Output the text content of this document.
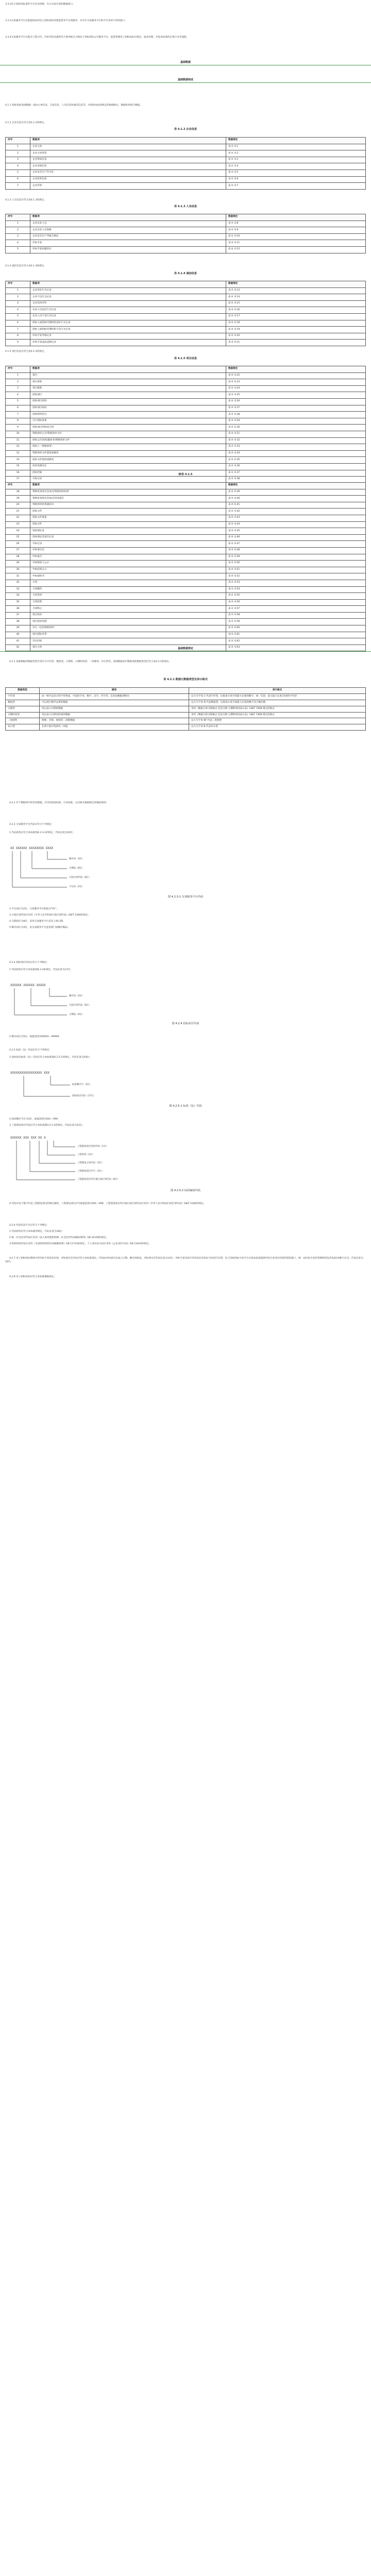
3.3.2电子招标投标条件平台首页控制，有主页面开放的数据接口。

3.3.3交易服务平台应能提供由的电子招标投标管理监督等平台的服务，并允许交易服务平台和平台采用不同的接口。

3.3.4交易服务平台应能对工程计价、评标等活动提供符合要求相关合格电子招标投标公共服务平台、监督管理电子招标投标应满足、报表处理、并按本标准约定执行业务流程。

基础数据
基础数据构成

4.1.1 招标投标基础数据一般由主体信息、交易信息、人员信息和诚信信息等，并按照本标准规定的数据格式、数据结构组合数据。

4.1.2 企业信息应符合表4.1.2的规定。

表 4.1.2 企业信息
序号	数据项	数据规定
1	企业主体	表 A. 0.1
2	企业主体类型	表 A. 0.2
3	企业资质信息	表 A. 0.3
4	企业业绩信息	表 A. 0.4
5	企业安全生产许可证	表 A. 0.5
6	企业获奖信息	表 A. 0.6
7	企业荣誉	表 A. 0.7

4.1.3 人员信息应符合表4.1.3的规定。

表 4.1.3 人员信息
序号	数据项	数据规定
1	企业从业人员	表 A. 0.8
2	企业从业人员资格	表 A. 0.9
3	企业安全生产考核合格证	表 A. 0.10
4	评标专家	表 A. 0.11
5	评标专家回避单位	表 A. 0.12

4.1.4 诚信信息应符合表4.1.4的规定。

表 4.1.4 诚信信息
序号	数据项	数据规定
1	企业良好行为记录	表 A. 0.13
2	企业不良行为记录	表 A. 0.14
3	企业信用评价	表 A. 0.15
4	从业人员良好行为记录	表 A. 0.16
5	从业人员不良行为记录	表 A. 0.17
6	招标人或招标代理机构良好行为记录	表 A. 0.18
7	招标人或招标代理机构不良行为记录	表 A. 0.19
8	评标专家考核记录	表 A. 0.20
9	评标专家违法违规记录	表 A. 0.21

4.1.5 项目信息应符合表4.1.5的规定。

表 4.1.5 项目信息
序号	数据项	数据规定
1	项目	表 A. 0.22
2	项目审批	表 A. 0.23
3	项目核准	表 A. 0.24
4	招标项目	表 A. 0.25
5	招标项目审批	表 A. 0.26
6	招标项目标段	表 A. 0.27
7	招标组织形式	表 A. 0.28
8	自行招标备案	表 A. 0.29
9	招标项目的标段合同	表 A. 0.30
10	资格预审公告/资格预审文件	表 A. 0.31
11	招标公告/投标邀请书/资格预审文件	表 A. 0.32
12	招标人（资格预审）	表 A. 0.33
13	资格预审文件澄清或修改	表 A. 0.34
14	招标文件澄清或修改	表 A. 0.35
15	投诉处理决定	表 A. 0.36
16	招标档案	表 A. 0.37
17	开标记录	表 A. 0.38
续表 4.1.5
序号	数据项	数据规定
18	资格审查委员会成员/资格预审结果	表 A. 0.39
19	资格审查委员会成员/审查报告	表 A. 0.40
20	资格预审结果通知书	表 A. 0.41
21	招标文件	表 A. 0.42
22	招标文件备案	表 A. 0.43
23	投标文件	表 A. 0.44
24	投标保证金	表 A. 0.45
25	投标保证金退还记录	表 A. 0.46
26	开标记录	表 A. 0.47
27	评标委员会	表 A. 0.48
28	评标报告	表 A. 0.49
29	中标候选人公示	表 A. 0.50
30	中标结果公示	表 A. 0.51
31	中标通知书	表 A. 0.52
32	合同	表 A. 0.53
33	合同履约	表 A. 0.54
34	合同变更	表 A. 0.55
35	合同结算	表 A. 0.56
36	合同终止	表 A. 0.57
37	项目投诉	表 A. 0.58
38	项目投诉处理	表 A. 0.59
39	异议（包括资格预审）	表 A. 0.60
40	项目招标异常	表 A. 0.61
41	异议回复	表 A. 0.62
42	项目主体	表 A. 0.63
基础数据规定

4.2.1 基础数据的数据类型应划分为字符型、数值型、日期型、日期时间型、二进制型、布尔型等。基础数据表中数据项的数据类型应符合表4.2.1的规定。

表 4.2.1 数据元数据类型及表示格式
数据类型	描述	表示格式
字符型	由一组可以显示的字符组成，可包括字母、数字、汉字、符号等，长度由数据项给出	以大写字母 C 代表字符型，后接表示该字段最大长度的数字，如：C10，表示最大长度为10的字符型
数值型	可以进行数学运算的数值	以大写字母 N 代表数值型，后接表示该字段最大长度的数字及小数位数
日期型	用以表示日期的数据	采用《数据元和交换格式 信息交换 日期和时间表示法》GB/T 7408 规定的格式
日期时间型	用以表示日期及时间的数据	采用《数据元和交换格式 信息交换 日期和时间表示法》GB/T 7408 规定的格式
二进制型	图像、音频、视频等二进制数据	以大写字母 BY 代表二进制型
布尔型	在两个值中选择其一的值	以大写字母 B 代表布尔型

4.2.2 对于数据项中的代码数据，应采用国家标准、行业标准、以及相关数据规定的编码规则。

4.2.3 交易服务平台代码应符合下列规定：

1 代码结构应符合本标准图4.2.3-1的规定，代码长度为20位；

XX XXXXXX XXXXXXXX XXXX
顺序码（4位）
日期码（8位）
行政区划代码（6位）
平台码（2位）
图 4.2.3-1 交易服务平台代码

2 平台码应为2位，交易服务平台取值为“01”；

3 行政区划代码应采用《中华人民共和国行政区划代码》GB/T 2260的规定；

4 日期码应为8位，采用交易服务平台首次上线日期；

5 顺序码应为4位，由交易服务平台监管部门按顺序编码。

4.2.4 招标项目代码应符合下列规定：

1 代码结构应符合本标准图4.2.4的规定，代码长度为17位；

XXXXXX XXXXXX XXXXX
顺序码（5位）
行政区划代码（6位）
日期码（6位）
图 4.2.4 招标项目代码

2 顺序码应为5位，取值范围为00001～99999。

4.2.5 标段（包）代码应符合下列规定：

1 招标项目标段（包）代码应符合本标准图4.2.5-1的规定，代码长度为20位；

XXXXXXXXXXXXXXXXX XXX
标段顺序号（3位）
招标项目代码（17位）
图 4.2.5-1 标段（包）代码

2 标段顺序号应为3位，取值范围为001～999；

3 工程建设项目代码应符合本标准图4.2.5-2的规定，代码长度为21位；

XXXXXX XXX XXX XX X
工程建设项目类别代码（1位）
工程类别（2位）
工程建设主体代码（3位）
工程建设项目序号（3位）
工程建设项目所在地行政区划代码（6位）
图 4.2.5-2 标段编码代码

4 代码中每个数字代表工程建设项目的相应属性，工程建设项目序号取值范围为001～999，工程建设项目所在地行政区划代码应采用《中华人民共和国行政区划代码》GB/T 2260的规定。

4.2.6 代码信息平台应符合下列规定：

1 代码结构应符合本标准的规定，代码长度为18位；

2 统一社会信用代码应采用《法人和其他组织统一社会信用代码编码规则》GB 32100的规定；

3 组织机构代码应采用《全国组织机构代码编制规则》GB 11714的规定，个人身份证号码应采用《公民身份号码》GB 11643的规定。

4.2.7 电子招标投标系统中的评标专家身份识别，评标委员会代码应符合本标准规定，代码由评标委员会成立日期、顺序码组成，评标委员会代码长度为14位；评标专家身份应采用居民身份证号码进行识别，电子招标投标交易平台应按本标准提供评标专家身份识别所需的接口，统一由评标专家库管理机构负责发放CA数字证书，代码长度为32位。

4.2.8 电子招标投标应符合本标准数据规定。
